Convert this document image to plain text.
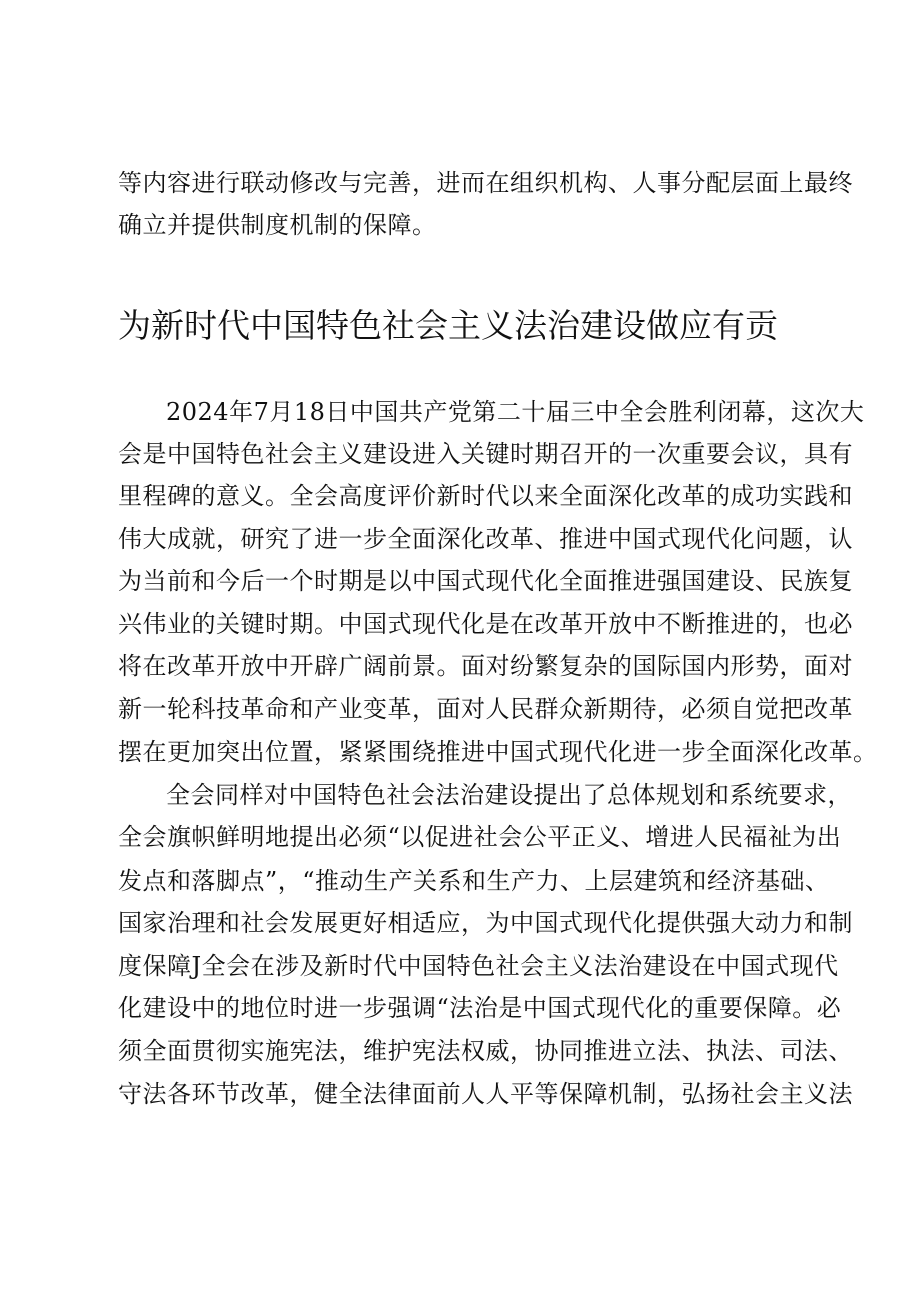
等内容进行联动修改与完善，进而在组织机构、人事分配层面上最终

确立并提供制度机制的保障。

为新时代中国特色社会主义法治建设做应有贡

2024年7月18日中国共产党第二十届三中全会胜利闭幕，这次大

会是中国特色社会主义建设进入关键时期召开的一次重要会议，具有

里程碑的意义。全会高度评价新时代以来全面深化改革的成功实践和

伟大成就，研究了进一步全面深化改革、推进中国式现代化问题，认

为当前和今后一个时期是以中国式现代化全面推进强国建设、民族复

兴伟业的关键时期。中国式现代化是在改革开放中不断推进的，也必

将在改革开放中开辟广阔前景。面对纷繁复杂的国际国内形势，面对

新一轮科技革命和产业变革，面对人民群众新期待，必须自觉把改革

摆在更加突出位置，紧紧围绕推进中国式现代化进一步全面深化改革。

全会同样对中国特色社会法治建设提出了总体规划和系统要求，

全会旗帜鲜明地提出必须“以促进社会公平正义、增进人民福祉为出

发点和落脚点”，“推动生产关系和生产力、上层建筑和经济基础、

国家治理和社会发展更好相适应，为中国式现代化提供强大动力和制

度保障J全会在涉及新时代中国特色社会主义法治建设在中国式现代

化建设中的地位时进一步强调“法治是中国式现代化的重要保障。必

须全面贯彻实施宪法，维护宪法权威，协同推进立法、执法、司法、

守法各环节改革，健全法律面前人人平等保障机制，弘扬社会主义法
